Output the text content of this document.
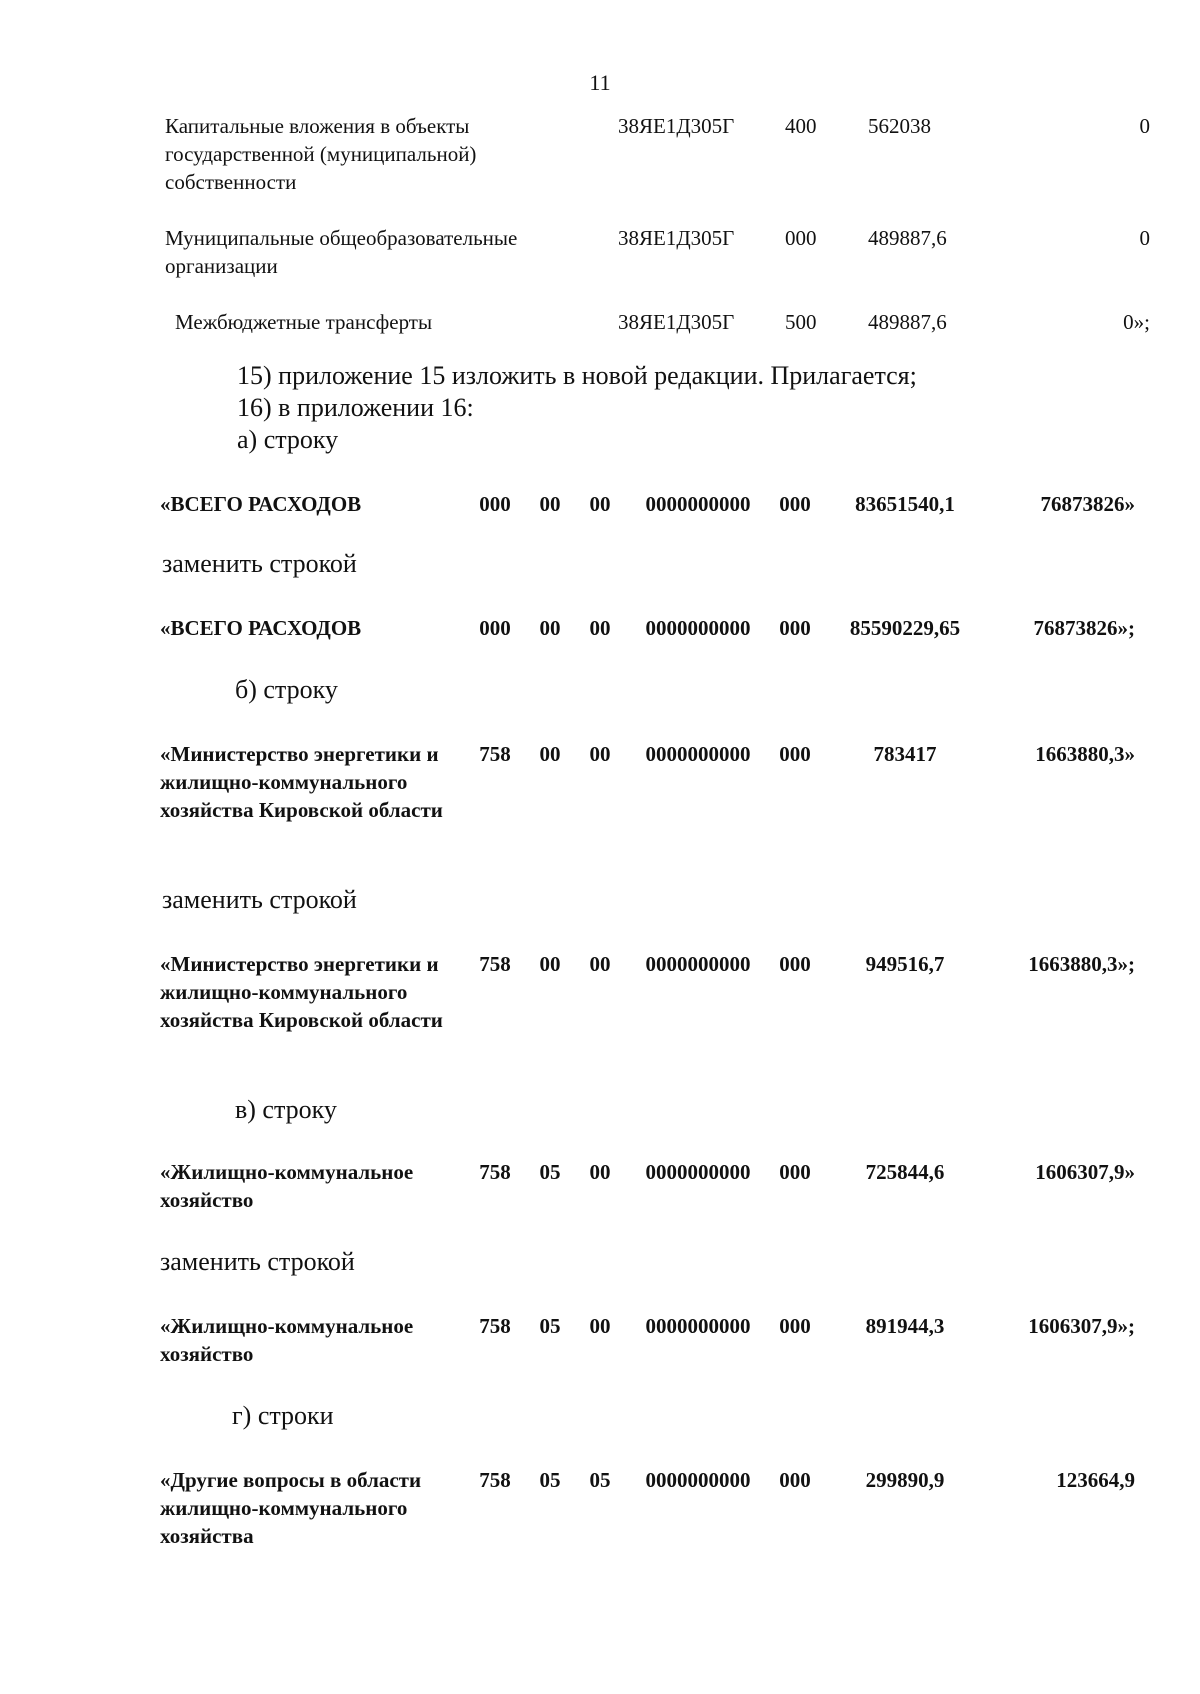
11
Капитальные вложения в объекты государственной (муниципальной) собственности
38ЯЕ1Д305Г 400 562038	0
Муниципальные общеобразовательные организации
38ЯЕ1Д305Г 000 489887,6	0
Межбюджетные трансферты	38ЯЕ1Д305Г 500 489887,6	0»;
15) приложение 15 изложить в новой редакции. Прилагается;
16) в приложении 16:
а) строку
«ВСЕГО РАСХОДОВ	000	00	00	0000000000	000	83651540,1	76873826»
заменить строкой
«ВСЕГО РАСХОДОВ	000	00	00	0000000000	000	85590229,65	76873826»;
б) строку
«Министерство энергетики и жилищно-коммунального хозяйства Кировской области
758	00	00	0000000000	000	783417	1663880,3»
заменить строкой
«Министерство энергетики и жилищно-коммунального хозяйства Кировской области
758	00	00	0000000000	000	949516,7	1663880,3»;
в) строку
«Жилищно-коммунальное хозяйство
758	05	00	0000000000	000	725844,6	1606307,9»
заменить строкой
«Жилищно-коммунальное хозяйство
758	05	00	0000000000	000	891944,3	1606307,9»;
г) строки
«Другие вопросы в области жилищно-коммунального хозяйства
758	05	05	0000000000	000	299890,9	123664,9
